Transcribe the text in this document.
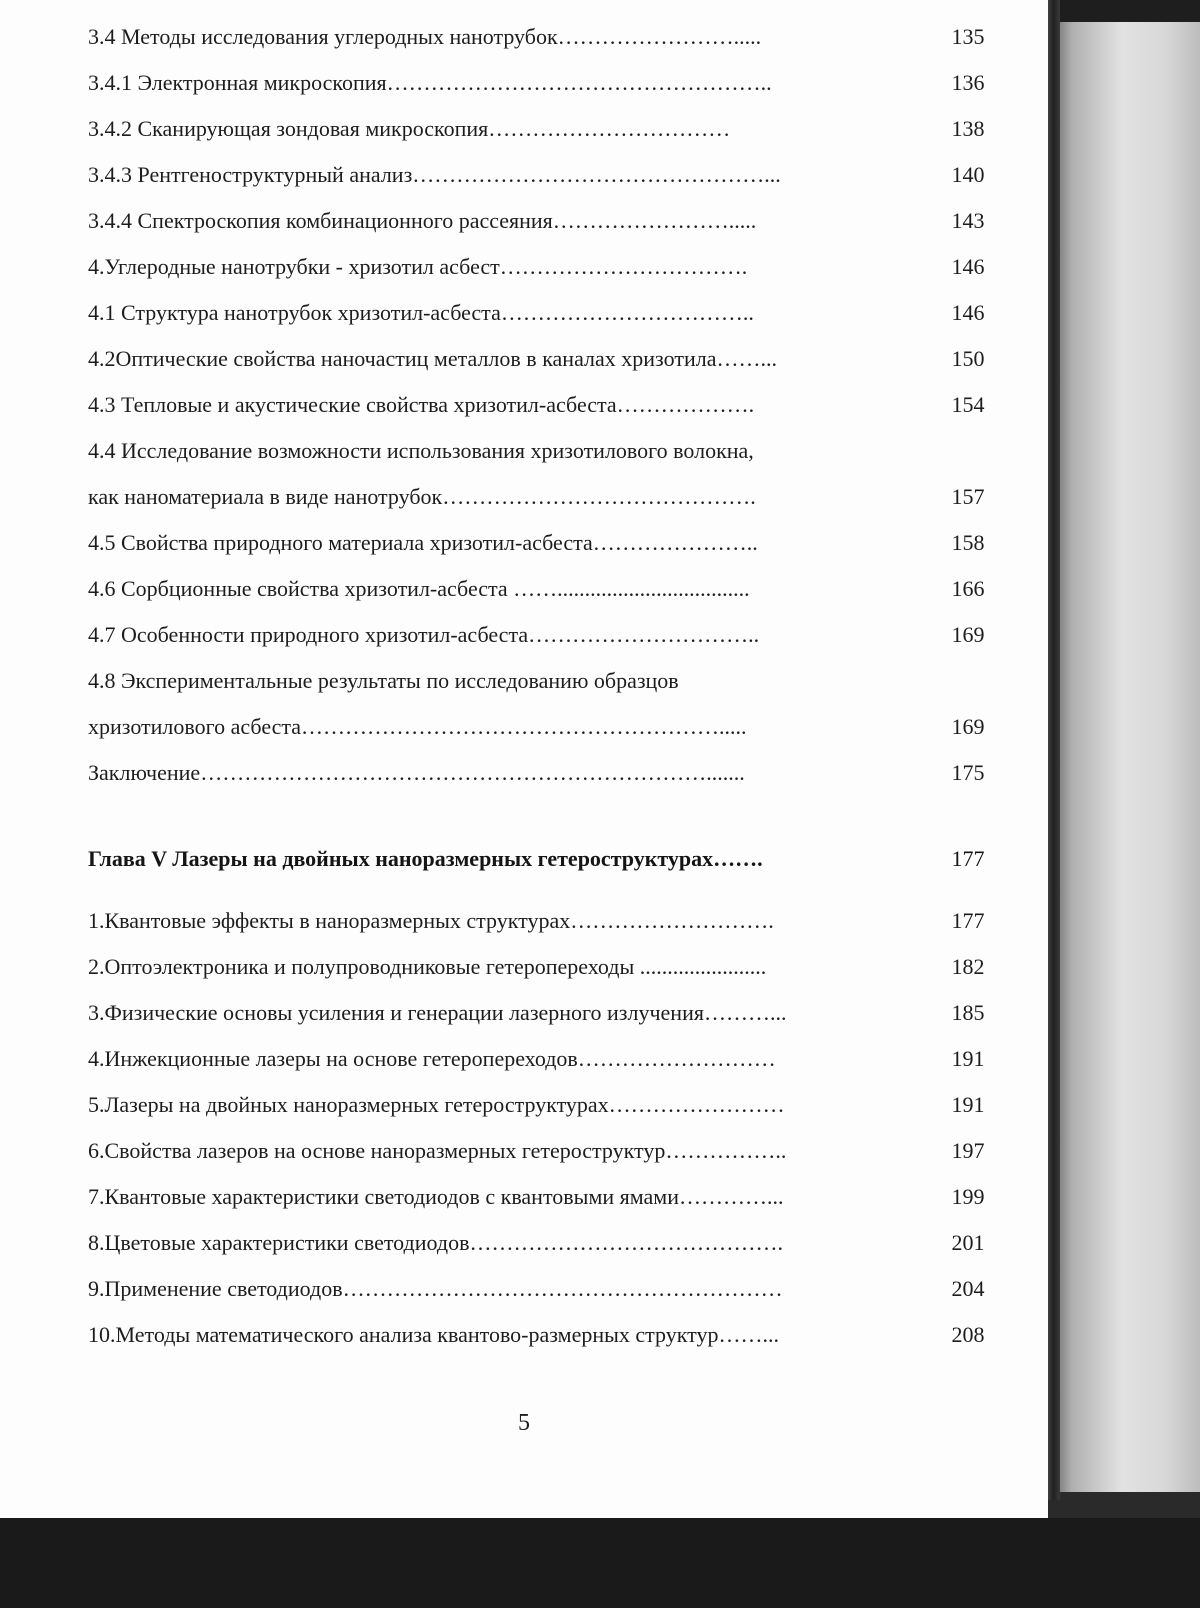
3.4 Методы исследования углеродных нанотрубок…………………….....	135
3.4.1 Электронная микроскопия……………………………………………..	136
3.4.2 Сканирующая зондовая микроскопия……………………………	138
3.4.3 Рентгеноструктурный анализ…………………………………………...	140
3.4.4 Спектроскопия комбинационного рассеяния…………………….....	143
4.Углеродные нанотрубки - хризотил асбест…………………………….	146
4.1 Структура нанотрубок хризотил-асбеста……………………………..	146
4.2Оптические свойства наночастиц металлов в каналах хризотила……...	150
4.3 Тепловые и акустические свойства хризотил-асбеста……………….	154
4.4 Исследование возможности использования хризотилового волокна,
как наноматериала в виде нанотрубок…………………………………….	157
4.5 Свойства природного материала хризотил-асбеста…………………..	158
4.6 Сорбционные свойства хризотил-асбеста ……...................................	166
4.7 Особенности природного хризотил-асбеста…………………………..	169
4.8 Экспериментальные результаты по исследованию образцов
хризотилового асбеста………………………………………………….....	169
Заключение…………………………………………………………….......	175
Глава V Лазеры на двойных наноразмерных гетероструктурах…….	177
1.Квантовые эффекты в наноразмерных структурах……………………….	177
2.Оптоэлектроника и полупроводниковые гетеропереходы .......................	182
3.Физические основы усиления и генерации лазерного излучения………...	185
4.Инжекционные лазеры на основе гетеропереходов………………………	191
5.Лазеры на двойных наноразмерных гетероструктурах……………………	191
6.Свойства лазеров на основе наноразмерных гетероструктур……………..	197
7.Квантовые характеристики светодиодов с квантовыми ямами…………...	199
8.Цветовые характеристики светодиодов…………………………………….	201
9.Применение светодиодов……………………………………………………	204
10.Методы математического анализа квантово-размерных структур……...	208
5
